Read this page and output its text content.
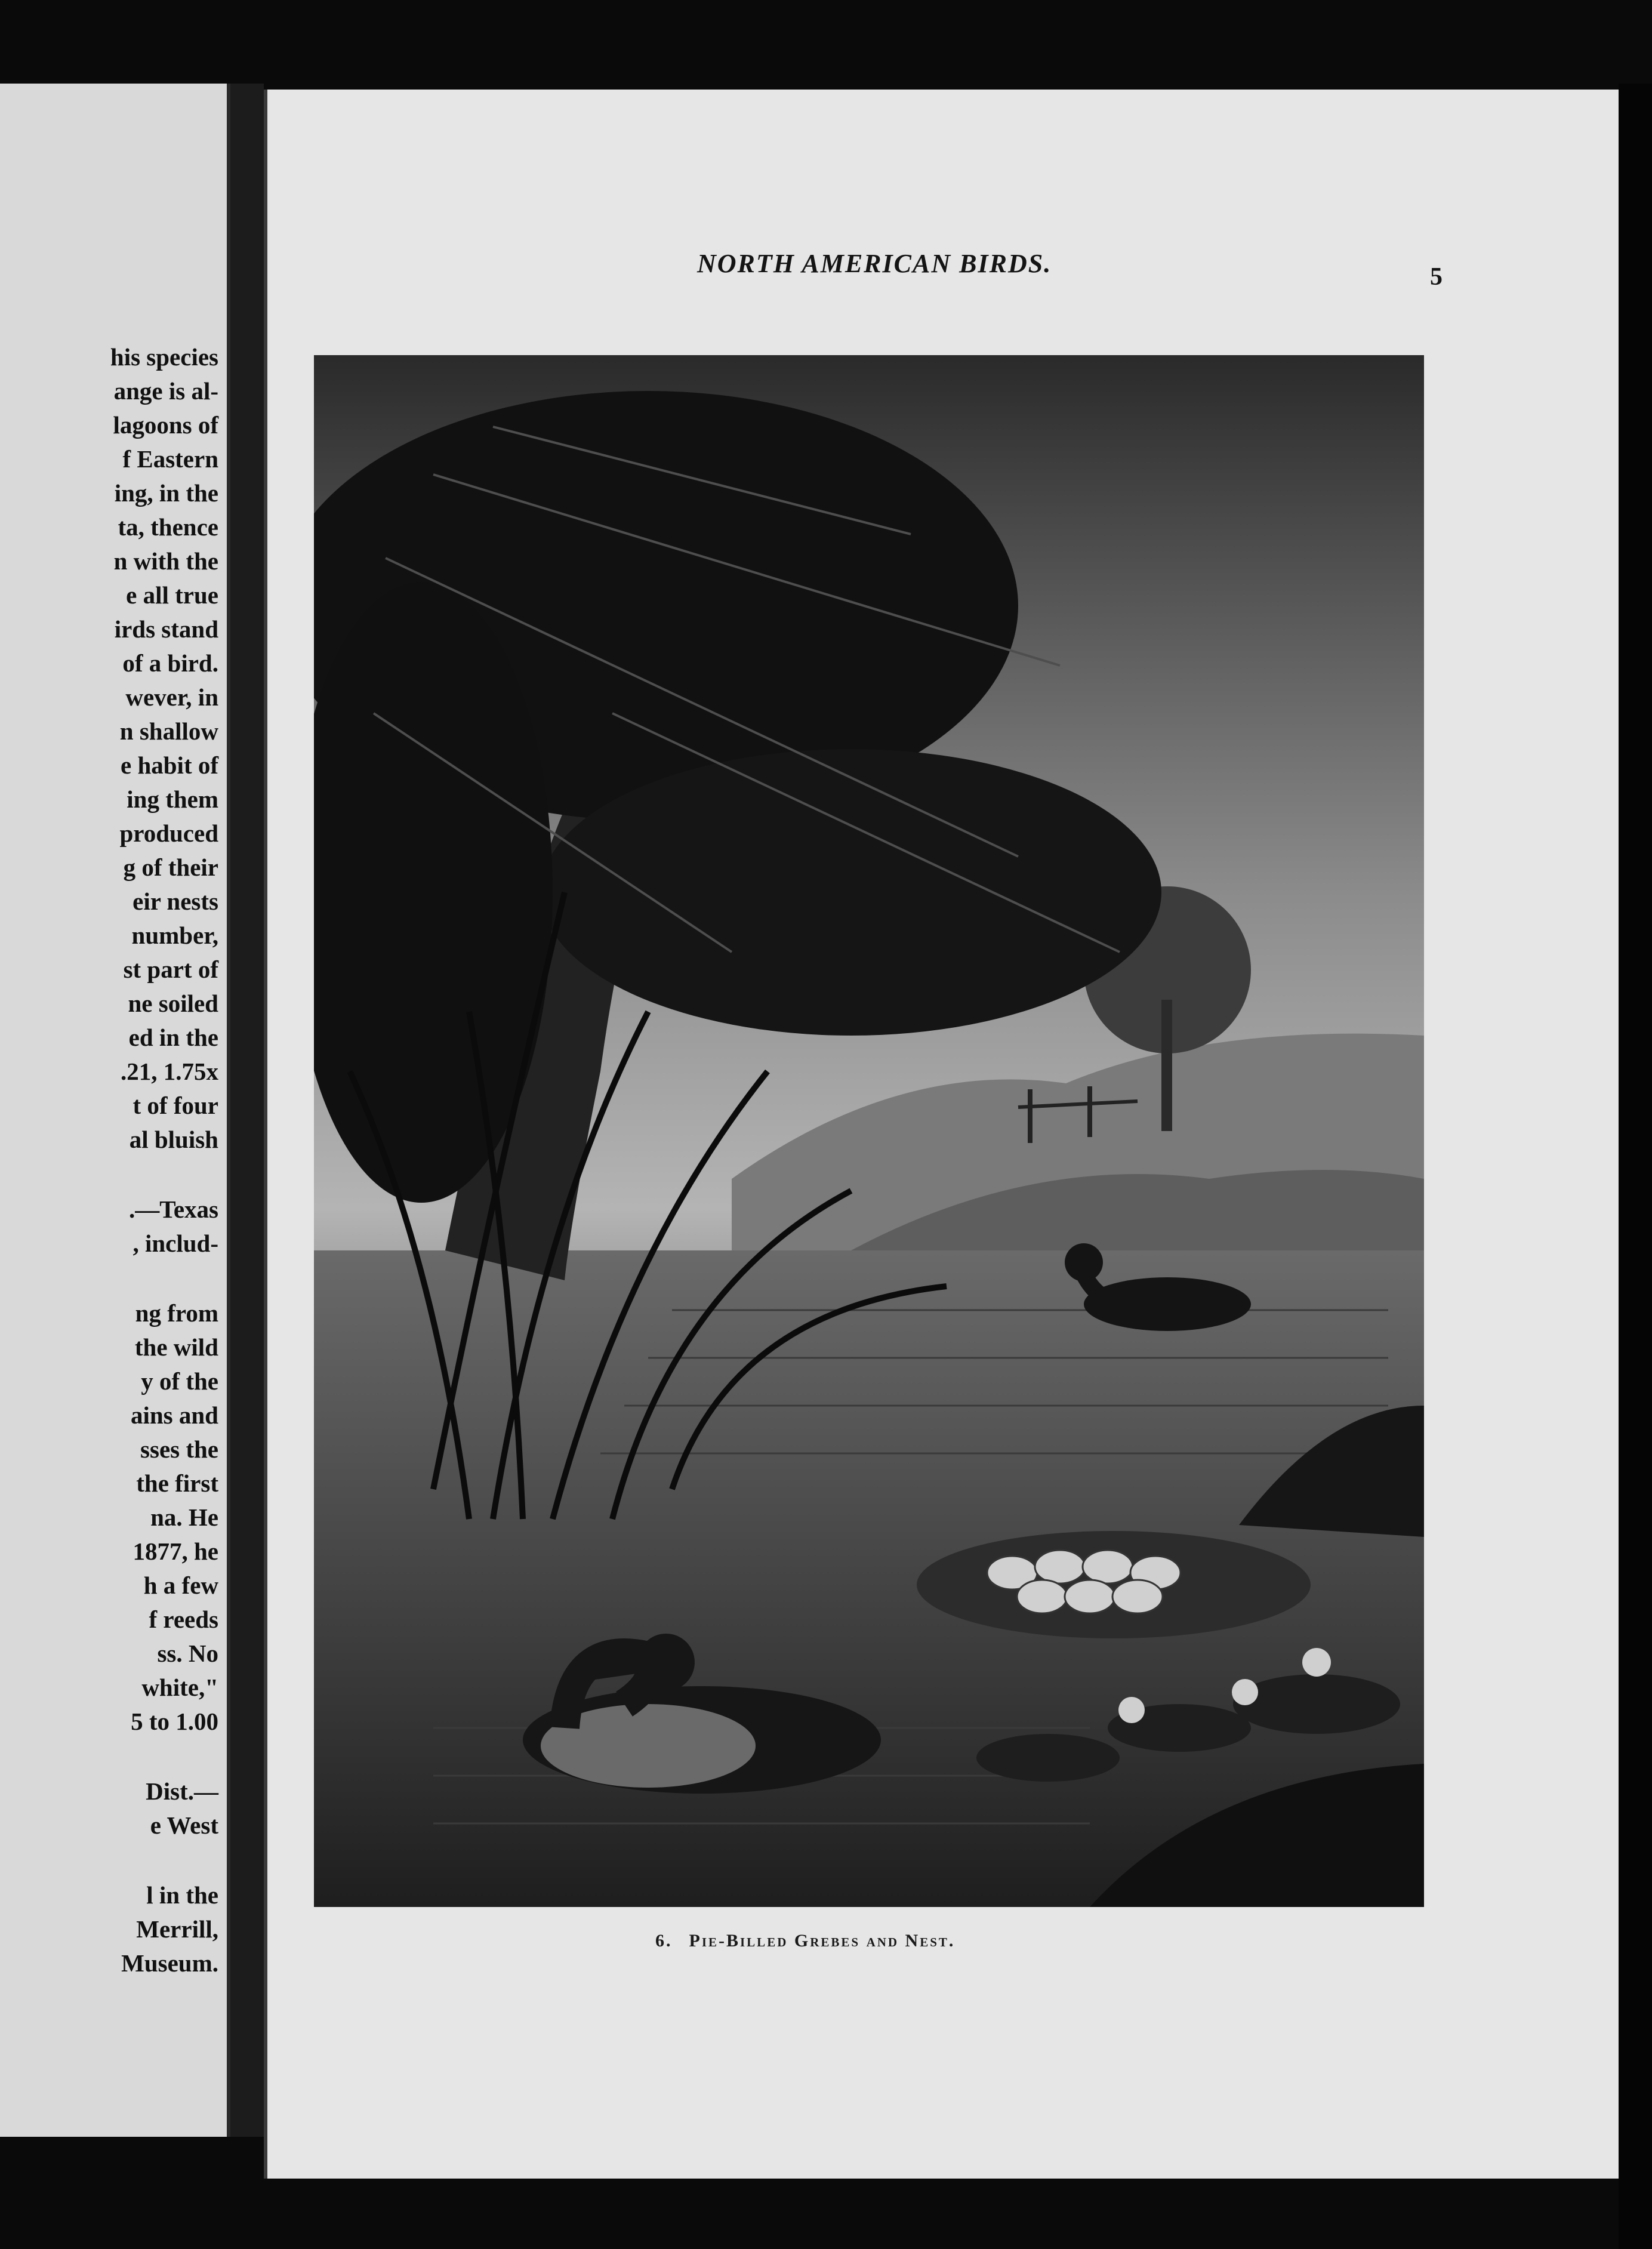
his species
ange is al-
lagoons of
f Eastern
ing, in the
ta, thence
n with the
e all true
irds stand
of a bird.
wever, in
n shallow
e habit of
ing them
produced
g of their
eir nests
number,
st part of
ne soiled
ed in the
.21, 1.75x
t of four
al bluish
.—Texas
, includ-
ng from
the wild
y of the
ains and
sses the
the first
na. He
1877, he
h a few
f reeds
ss. No
white,"
5 to 1.00
Dist.—
e West
l in the
Merrill,
Museum.
NORTH AMERICAN BIRDS.	5
6. Pie-Billed Grebes and Nest.
